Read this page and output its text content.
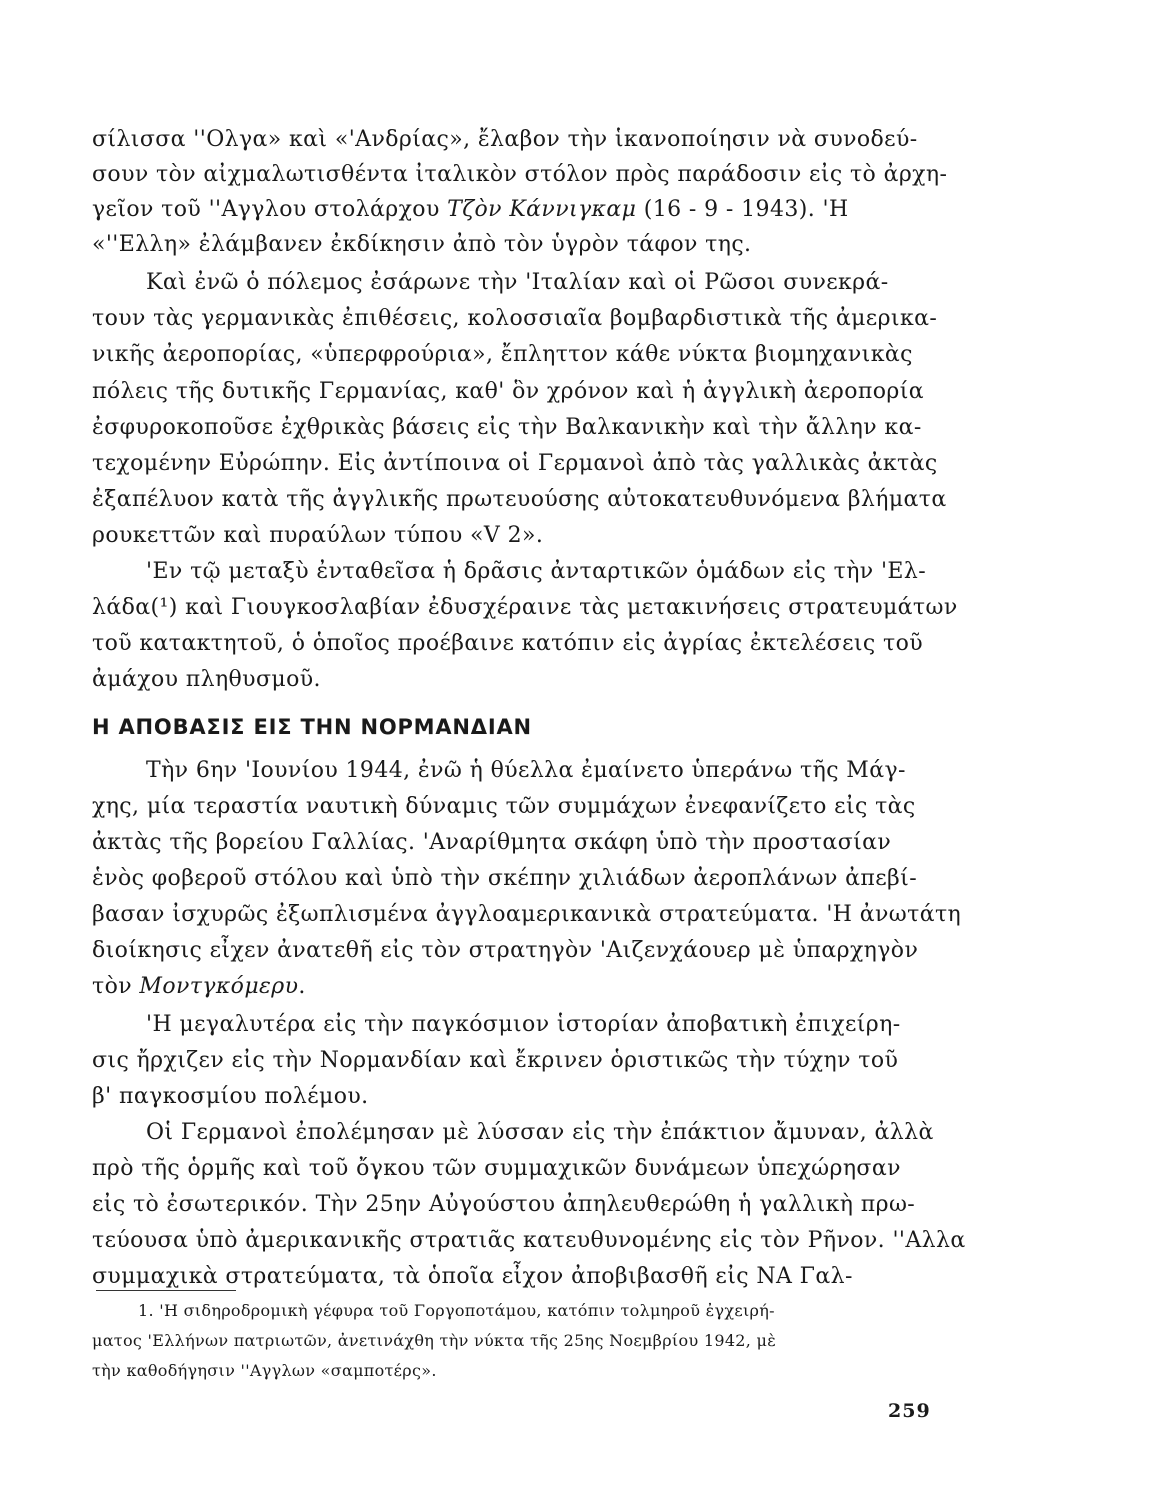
σίλισσα ''Ολγα» καὶ «'Ανδρίας», ἔλαβον τὴν ἱκανοποίησιν νὰ συνοδεύ-
σουν τὸν αἰχμαλωτισθέντα ἰταλικὸν στόλον πρὸς παράδοσιν εἰς τὸ ἀρχη-
γεῖον τοῦ ''Αγγλου στολάρχου Τζὸν Κάννιγκαμ (16 - 9 - 1943). 'Η
«''Ελλη» ἐλάμβανεν ἐκδίκησιν ἀπὸ τὸν ὑγρὸν τάφον της.
Καὶ ἐνῶ ὁ πόλεμος ἐσάρωνε τὴν 'Ιταλίαν καὶ οἱ Ρῶσοι συνεκρά-
τουν τὰς γερμανικὰς ἐπιθέσεις, κολοσσιαῖα βομβαρδιστικὰ τῆς ἀμερικα-
νικῆς ἀεροπορίας, «ὑπερφρούρια», ἔπληττον κάθε νύκτα βιομηχανικὰς
πόλεις τῆς δυτικῆς Γερμανίας, καθ' ὃν χρόνον καὶ ἡ ἀγγλικὴ ἀεροπορία
ἐσφυροκοποῦσε ἐχθρικὰς βάσεις εἰς τὴν Βαλκανικὴν καὶ τὴν ἄλλην κα-
τεχομένην Εὐρώπην. Εἰς ἀντίποινα οἱ Γερμανοὶ ἀπὸ τὰς γαλλικὰς ἀκτὰς
ἐξαπέλυον κατὰ τῆς ἀγγλικῆς πρωτευούσης αὐτοκατευθυνόμενα βλήματα
ρουκεττῶν καὶ πυραύλων τύπου «V 2».
'Εν τῷ μεταξὺ ἐνταθεῖσα ἡ δρᾶσις ἀνταρτικῶν ὁμάδων εἰς τὴν 'Ελ-
λάδα(¹) καὶ Γιουγκοσλαβίαν ἐδυσχέραινε τὰς μετακινήσεις στρατευμάτων
τοῦ κατακτητοῦ, ὁ ὁποῖος προέβαινε κατόπιν εἰς ἀγρίας ἐκτελέσεις τοῦ
ἀμάχου πληθυσμοῦ.
Η ΑΠΟΒΑΣΙΣ ΕΙΣ ΤΗΝ ΝΟΡΜΑΝΔΙΑΝ
Τὴν 6ην 'Ιουνίου 1944, ἐνῶ ἡ θύελλα ἐμαίνετο ὑπεράνω τῆς Μάγ-
χης, μία τεραστία ναυτικὴ δύναμις τῶν συμμάχων ἐνεφανίζετο εἰς τὰς
ἀκτὰς τῆς βορείου Γαλλίας. 'Αναρίθμητα σκάφη ὑπὸ τὴν προστασίαν
ἑνὸς φοβεροῦ στόλου καὶ ὑπὸ τὴν σκέπην χιλιάδων ἀεροπλάνων ἀπεβί-
βασαν ἰσχυρῶς ἐξωπλισμένα ἀγγλοαμερικανικὰ στρατεύματα. 'Η ἀνωτάτη
διοίκησις εἶχεν ἀνατεθῆ εἰς τὸν στρατηγὸν 'Αιζενχάουερ μὲ ὑπαρχηγὸν
τὸν Μοντγκόμερυ.
'Η μεγαλυτέρα εἰς τὴν παγκόσμιον ἱστορίαν ἀποβατικὴ ἐπιχείρη-
σις ἤρχιζεν εἰς τὴν Νορμανδίαν καὶ ἔκρινεν ὁριστικῶς τὴν τύχην τοῦ
β' παγκοσμίου πολέμου.
Οἱ Γερμανοὶ ἐπολέμησαν μὲ λύσσαν εἰς τὴν ἐπάκτιον ἄμυναν, ἀλλὰ
πρὸ τῆς ὁρμῆς καὶ τοῦ ὄγκου τῶν συμμαχικῶν δυνάμεων ὑπεχώρησαν
εἰς τὸ ἐσωτερικόν. Τὴν 25ην Αὐγούστου ἀπηλευθερώθη ἡ γαλλικὴ πρω-
τεύουσα ὑπὸ ἀμερικανικῆς στρατιᾶς κατευθυνομένης εἰς τὸν Ρῆνον. ''Αλλα
συμμαχικὰ στρατεύματα, τὰ ὁποῖα εἶχον ἀποβιβασθῆ εἰς ΝΑ Γαλ-
1. 'Η σιδηροδρομικὴ γέφυρα τοῦ Γοργοποτάμου, κατόπιν τολμηροῦ ἐγχειρή-
ματος 'Ελλήνων πατριωτῶν, ἀνετινάχθη τὴν νύκτα τῆς 25ης Νοεμβρίου 1942, μὲ
τὴν καθοδήγησιν ''Αγγλων «σαμποτέρς».
259
